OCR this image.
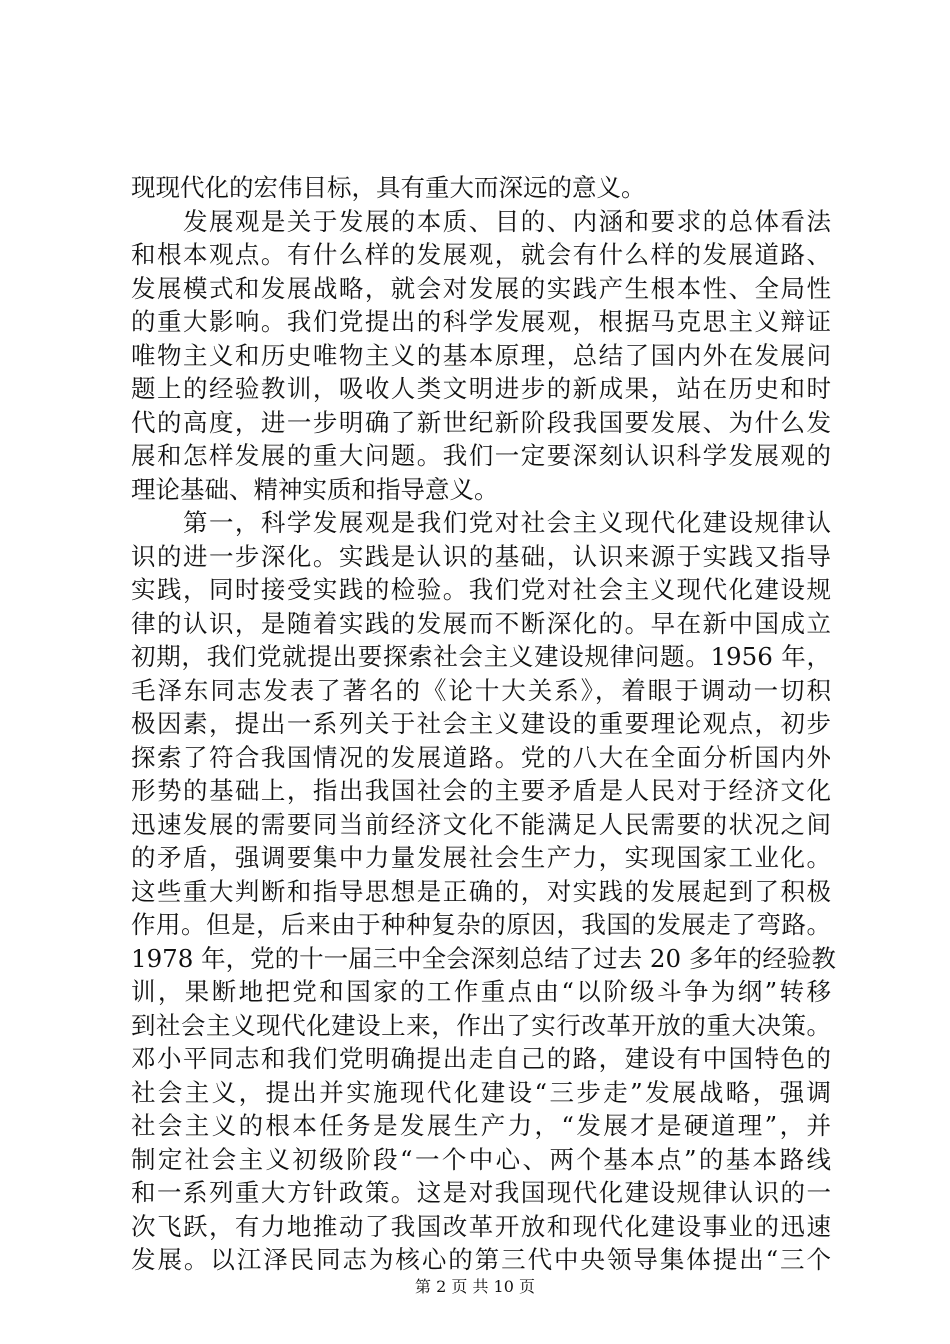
现现代化的宏伟目标，具有重大而深远的意义。
　　发展观是关于发展的本质、目的、内涵和要求的总体看法
和根本观点。有什么样的发展观，就会有什么样的发展道路、
发展模式和发展战略，就会对发展的实践产生根本性、全局性
的重大影响。我们党提出的科学发展观，根据马克思主义辩证
唯物主义和历史唯物主义的基本原理，总结了国内外在发展问
题上的经验教训，吸收人类文明进步的新成果，站在历史和时
代的高度，进一步明确了新世纪新阶段我国要发展、为什么发
展和怎样发展的重大问题。我们一定要深刻认识科学发展观的
理论基础、精神实质和指导意义。
　　第一，科学发展观是我们党对社会主义现代化建设规律认
识的进一步深化。实践是认识的基础，认识来源于实践又指导
实践，同时接受实践的检验。我们党对社会主义现代化建设规
律的认识，是随着实践的发展而不断深化的。早在新中国成立
初期，我们党就提出要探索社会主义建设规律问题。1956 年，
毛泽东同志发表了著名的《论十大关系》，着眼于调动一切积
极因素，提出一系列关于社会主义建设的重要理论观点，初步
探索了符合我国情况的发展道路。党的八大在全面分析国内外
形势的基础上，指出我国社会的主要矛盾是人民对于经济文化
迅速发展的需要同当前经济文化不能满足人民需要的状况之间
的矛盾，强调要集中力量发展社会生产力，实现国家工业化。
这些重大判断和指导思想是正确的，对实践的发展起到了积极
作用。但是，后来由于种种复杂的原因，我国的发展走了弯路。
1978 年，党的十一届三中全会深刻总结了过去 20 多年的经验教
训，果断地把党和国家的工作重点由“以阶级斗争为纲”转移
到社会主义现代化建设上来，作出了实行改革开放的重大决策。
邓小平同志和我们党明确提出走自己的路，建设有中国特色的
社会主义，提出并实施现代化建设“三步走”发展战略，强调
社会主义的根本任务是发展生产力，“发展才是硬道理”，并
制定社会主义初级阶段“一个中心、两个基本点”的基本路线
和一系列重大方针政策。这是对我国现代化建设规律认识的一
次飞跃，有力地推动了我国改革开放和现代化建设事业的迅速
发展。以江泽民同志为核心的第三代中央领导集体提出“三个
第 2 页 共 10 页
